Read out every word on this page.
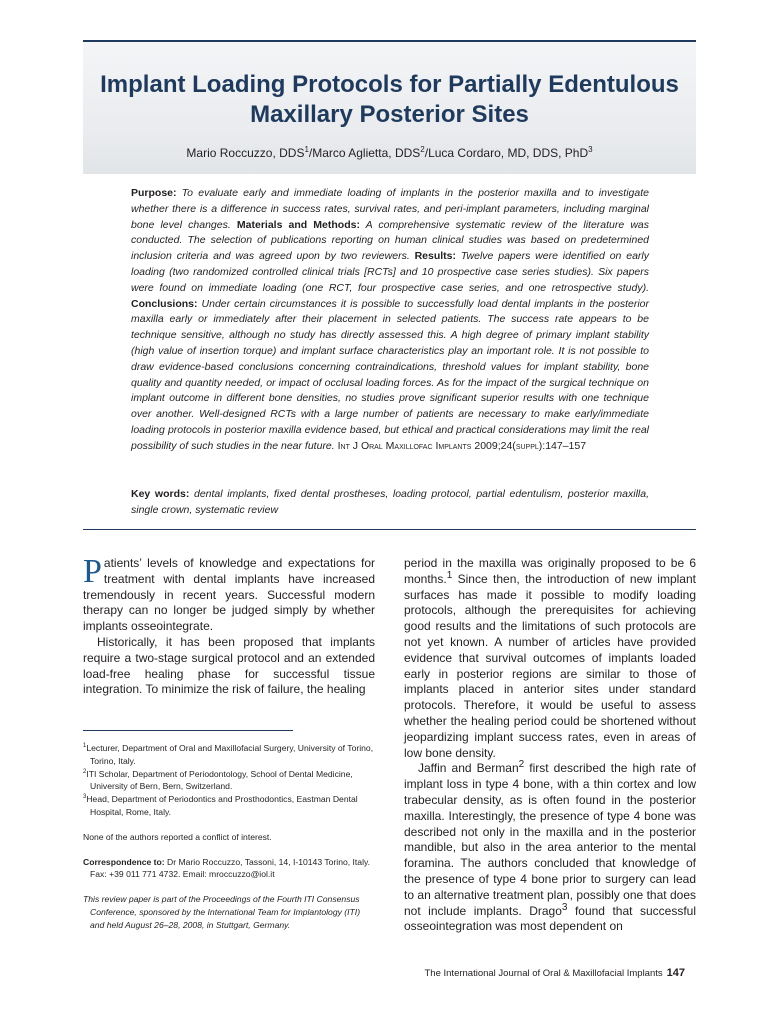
Implant Loading Protocols for Partially Edentulous
Maxillary Posterior Sites
Mario Roccuzzo, DDS$^1$/Marco Aglietta, DDS$^2$/Luca Cordaro, MD, DDS, PhD$^3$
Purpose: To evaluate early and immediate loading of implants in the posterior maxilla and to investigate whether there is a difference in success rates, survival rates, and peri-implant parameters, including marginal bone level changes. Materials and Methods: A comprehensive systematic review of the literature was conducted. The selection of publications reporting on human clinical studies was based on predetermined inclusion criteria and was agreed upon by two reviewers. Results: Twelve papers were identified on early loading (two randomized controlled clinical trials [RCTs] and 10 prospective case series studies). Six papers were found on immediate loading (one RCT, four prospective case series, and one retrospective study). Conclusions: Under certain circumstances it is possible to successfully load dental implants in the posterior maxilla early or immediately after their placement in selected patients. The success rate appears to be technique sensitive, although no study has directly assessed this. A high degree of primary implant stability (high value of insertion torque) and implant surface characteristics play an important role. It is not possible to draw evidence-based conclusions concerning contraindications, threshold values for implant stability, bone quality and quantity needed, or impact of occlusal loading forces. As for the impact of the surgical technique on implant outcome in different bone densities, no studies prove significant superior results with one technique over another. Well-designed RCTs with a large number of patients are necessary to make early/immediate loading protocols in posterior maxilla evidence based, but ethical and practical considerations may limit the real possibility of such studies in the near future. Int J Oral Maxillofac Implants 2009;24(suppl):147–157
Key words: dental implants, fixed dental prostheses, loading protocol, partial edentulism, posterior maxilla, single crown, systematic review

Patients’ levels of knowledge and expectations for treatment with dental implants have increased tremendously in recent years. Successful modern therapy can no longer be judged simply by whether implants osseointegrate.

Historically, it has been proposed that implants require a two-stage surgical protocol and an extended load-free healing phase for successful tissue integration. To minimize the risk of failure, the healing

$^1$Lecturer, Department of Oral and Maxillofacial Surgery, University of Torino, Torino, Italy.

$^2$ITI Scholar, Department of Periodontology, School of Dental Medicine, University of Bern, Bern, Switzerland.

$^3$Head, Department of Periodontics and Prosthodontics, Eastman Dental Hospital, Rome, Italy.

None of the authors reported a conflict of interest.

Correspondence to: Dr Mario Roccuzzo, Tassoni, 14, I-10143 Torino, Italy. Fax: +39 011 771 4732. Email: mroccuzzo@iol.it

This review paper is part of the Proceedings of the Fourth ITI Consensus Conference, sponsored by the International Team for Implantology (ITI) and held August 26–28, 2008, in Stuttgart, Germany.

period in the maxilla was originally proposed to be 6 months.$^1$ Since then, the introduction of new implant surfaces has made it possible to modify loading protocols, although the prerequisites for achieving good results and the limitations of such protocols are not yet known. A number of articles have provided evidence that survival outcomes of implants loaded early in posterior regions are similar to those of implants placed in anterior sites under standard protocols. Therefore, it would be useful to assess whether the healing period could be shortened without jeopardizing implant success rates, even in areas of low bone density.

Jaffin and Berman$^2$ first described the high rate of implant loss in type 4 bone, with a thin cortex and low trabecular density, as is often found in the posterior maxilla. Interestingly, the presence of type 4 bone was described not only in the maxilla and in the posterior mandible, but also in the area anterior to the mental foramina. The authors concluded that knowledge of the presence of type 4 bone prior to surgery can lead to an alternative treatment plan, possibly one that does not include implants. Drago$^3$ found that successful osseointegration was most dependent on

The International Journal of Oral & Maxillofacial Implants 147
